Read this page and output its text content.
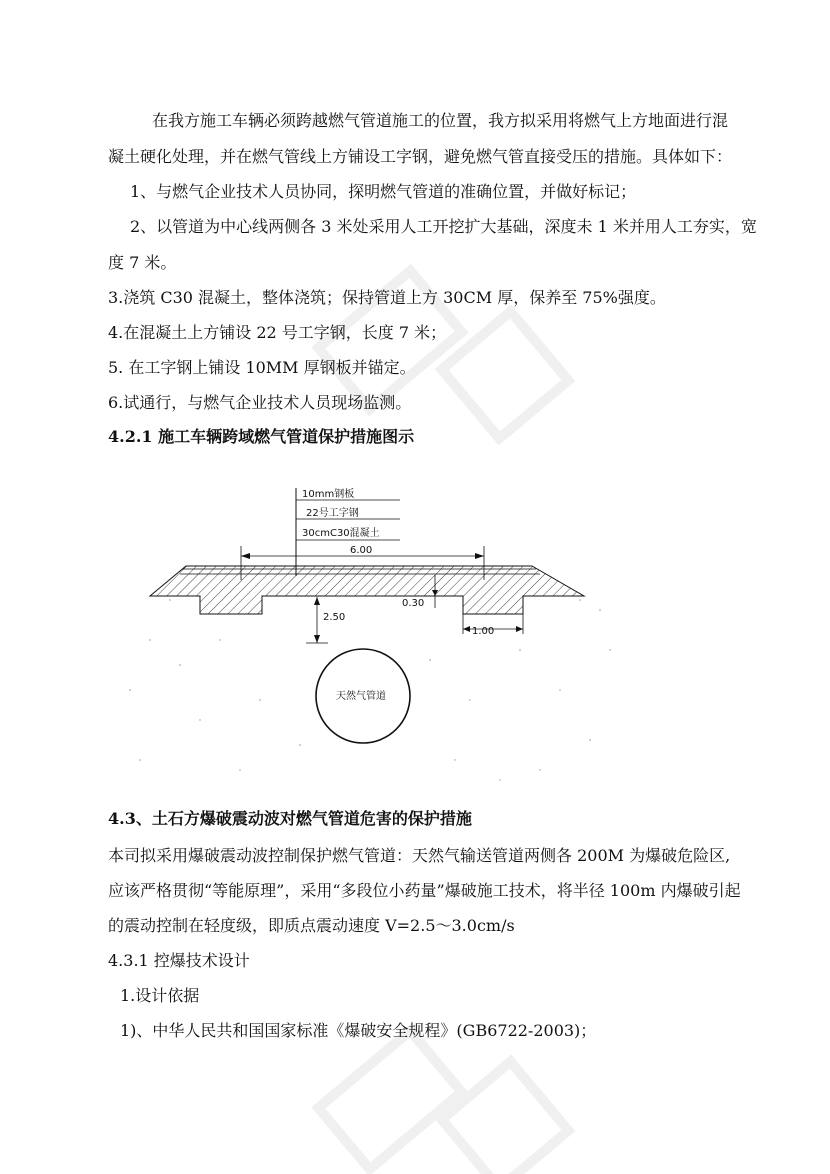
在我方施工车辆必须跨越燃气管道施工的位置，我方拟采用将燃气上方地面进行混

凝土硬化处理，并在燃气管线上方铺设工字钢，避免燃气管直接受压的措施。具体如下：

1、与燃气企业技术人员协同，探明燃气管道的准确位置，并做好标记；

2、以管道为中心线两侧各 3 米处采用人工开挖扩大基础，深度未 1 米并用人工夯实，宽

度 7 米。

3.浇筑 C30 混凝土，整体浇筑；保持管道上方 30CM 厚，保养至 75%强度。

4.在混凝土上方铺设 22 号工字钢，长度 7 米；

5. 在工字钢上铺设 10MM 厚钢板并锚定。

6.试通行，与燃气企业技术人员现场监测。

4.2.1 施工车辆跨域燃气管道保护措施图示

10mm钢板
22号工字钢
30cmC30混凝土
6.00
2.50
0.30
1.00
天然气管道

4.3、土石方爆破震动波对燃气管道危害的保护措施

本司拟采用爆破震动波控制保护燃气管道：天然气输送管道两侧各 200M 为爆破危险区,

应该严格贯彻“等能原理”，采用“多段位小药量”爆破施工技术，将半径 100m 内爆破引起

的震动控制在轻度级，即质点震动速度 V=2.5～3.0cm/s

4.3.1 控爆技术设计

1.设计依据

1)、中华人民共和国国家标准《爆破安全规程》(GB6722-2003)；
